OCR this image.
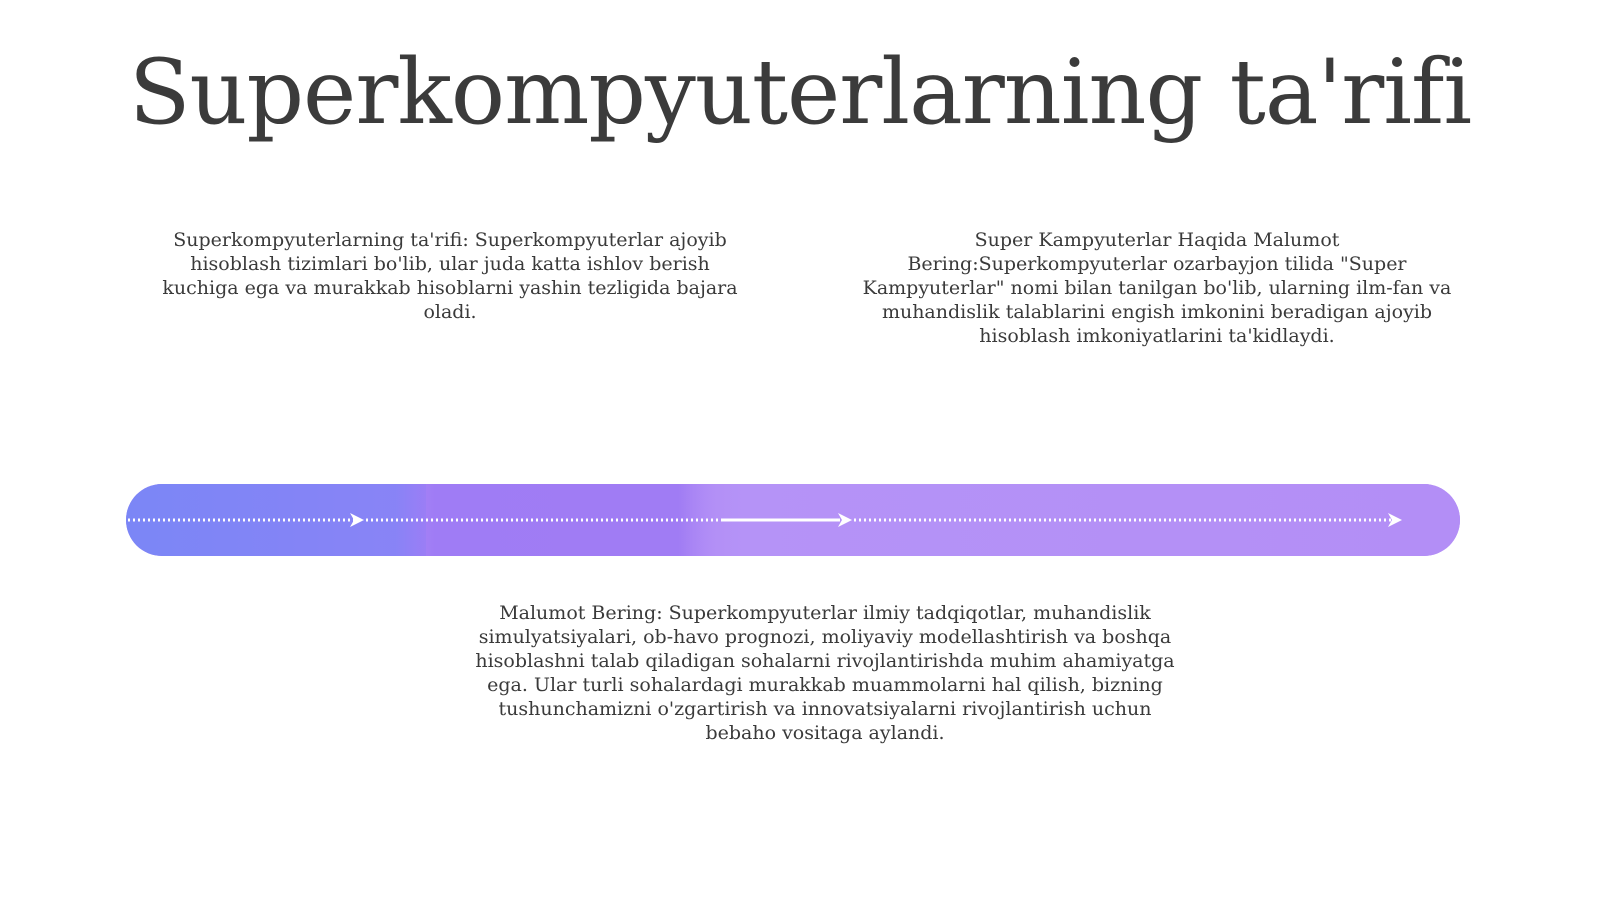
Superkompyuterlarning ta'rifi
Superkompyuterlarning ta'rifi: Superkompyuterlar ajoyib hisoblash tizimlari bo'lib, ular juda katta ishlov berish kuchiga ega va murakkab hisoblarni yashin tezligida bajara oladi.
Super Kampyuterlar Haqida Malumot Bering:Superkompyuterlar ozarbayjon tilida "Super Kampyuterlar" nomi bilan tanilgan bo'lib, ularning ilm-fan va muhandislik talablarini engish imkonini beradigan ajoyib hisoblash imkoniyatlarini ta'kidlaydi.
Malumot Bering: Superkompyuterlar ilmiy tadqiqotlar, muhandislik simulyatsiyalari, ob-havo prognozi, moliyaviy modellashtirish va boshqa hisoblashni talab qiladigan sohalarni rivojlantirishda muhim ahamiyatga ega. Ular turli sohalardagi murakkab muammolarni hal qilish, bizning tushunchamizni o'zgartirish va innovatsiyalarni rivojlantirish uchun bebaho vositaga aylandi.
